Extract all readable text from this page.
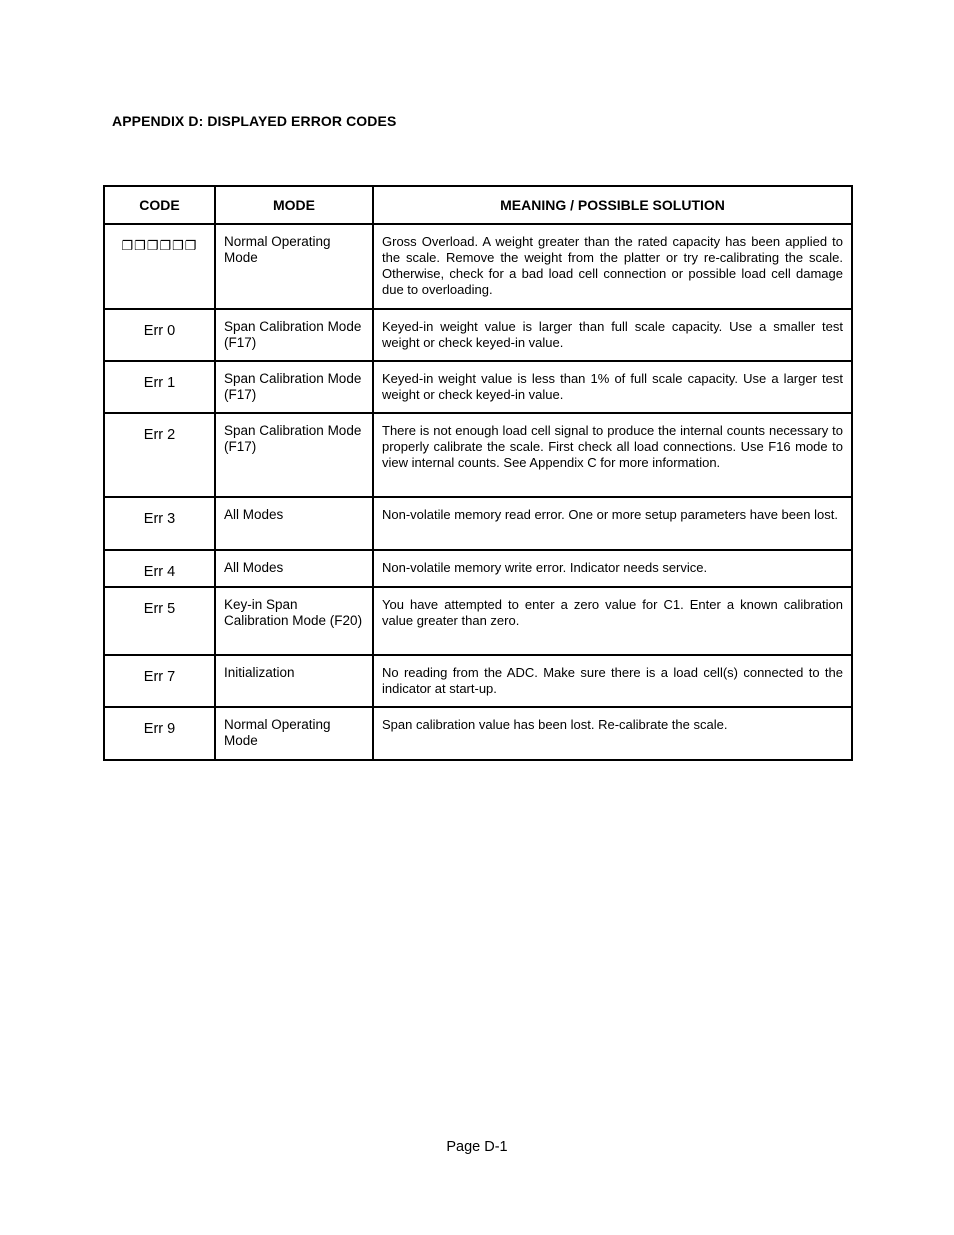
APPENDIX D: DISPLAYED ERROR CODES
CODE	MODE	MEANING / POSSIBLE SOLUTION
❐❐❐❐❐❐	Normal Operating Mode	Gross Overload. A weight greater than the rated capacity has been applied to the scale. Remove the weight from the platter or try re-calibrating the scale. Otherwise, check for a bad load cell connection or possible load cell damage due to overloading.
Err 0	Span Calibration Mode (F17)	Keyed-in weight value is larger than full scale capacity. Use a smaller test weight or check keyed-in value.
Err 1	Span Calibration Mode (F17)	Keyed-in weight value is less than 1% of full scale capacity. Use a larger test weight or check keyed-in value.
Err 2	Span Calibration Mode (F17)	There is not enough load cell signal to produce the internal counts necessary to properly calibrate the scale. First check all load connections. Use F16 mode to view internal counts. See Appendix C for more information.
Err 3	All Modes	Non-volatile memory read error. One or more setup parameters have been lost.
Err 4	All Modes	Non-volatile memory write error. Indicator needs service.
Err 5	Key-in Span Calibration Mode (F20)	You have attempted to enter a zero value for C1. Enter a known calibration value greater than zero.
Err 7	Initialization	No reading from the ADC. Make sure there is a load cell(s) connected to the indicator at start-up.
Err 9	Normal Operating Mode	Span calibration value has been lost. Re-calibrate the scale.
Page D-1
